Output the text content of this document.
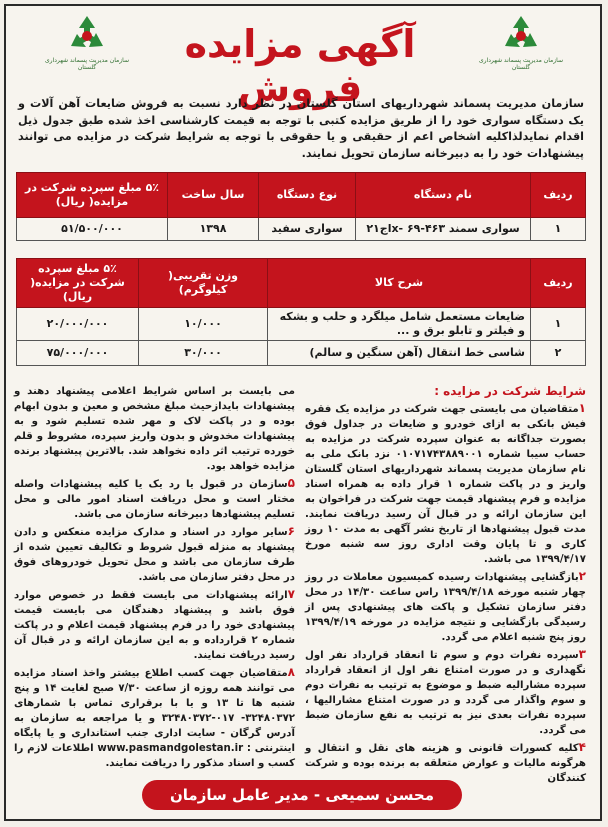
سازمان مدیریت پسماند شهرداری گلستان
سازمان مدیریت پسماند شهرداری گلستان
آگهی مزایده فروش
سازمان مدیریت پسماند شهرداریهای استان گلستان در نظر دارد نسبت به فروش ضایعات آهن آلات و یک دستگاه سواری خود را از طریق مزایده کتبی با توجه به قیمت کارشناسی اخذ شده طبق جدول ذیل اقدام نمایدلذاکلیه اشخاص اعم از حقیقی و یا حقوقی با توجه به شرایط شرکت در مزایده می توانند پیشنهادات خود را به دبیرخانه سازمان تحویل نمایند.
ردیف	نام دستگاه	نوع دستگاه	سال ساخت	۵٪ مبلغ سپرده شرکت در مزایده( ریال)
۱	سواری سمند lx- ۶۹-۴۶۳ج۲۱	سواری سفید	۱۳۹۸	۵۱/۵۰۰/۰۰۰
ردیف	شرح کالا	وزن تقریبی( کیلوگرم)	۵٪ مبلغ سپرده شرکت در مزایده( ریال)
۱	ضایعات مستعمل شامل میلگرد و حلب و بشکه و فیلتر و تابلو برق و ...	۱۰/۰۰۰	۲۰/۰۰۰/۰۰۰
۲	شاسی خط انتقال (آهن سنگین و سالم)	۳۰/۰۰۰	۷۵/۰۰۰/۰۰۰
شرایط شرکت در مزایده :

۱متقاضیان می بایستی جهت شرکت در مزایده یک فقره فیش بانکی به ازای خودرو و ضایعات در جداول فوق بصورت جداگانه به عنوان سپرده شرکت در مزایده به حساب سیبا شماره ۰۱۰۷۱۷۴۳۸۸۹۰۰۱ نزد بانک ملی به نام سازمان مدیریت پسماند شهرداریهای استان گلستان واریز و در پاکت شماره ۱ قرار داده به همراه اسناد مزایده و فرم پیشنهاد قیمت جهت شرکت در فراخوان به این سازمان ارائه و در قبال آن رسید دریافت نمایند. مدت قبول پیشنهادها از تاریخ نشر آگهی به مدت ۱۰ روز کاری و تا پایان وقت اداری روز سه شنبه مورخ ۱۳۹۹/۴/۱۷ می باشد.

۲بازگشایی پیشنهادات رسیده کمیسیون معاملات در روز چهار شنبه مورخه ۱۳۹۹/۴/۱۸ راس ساعت ۱۴/۳۰ در محل دفتر سازمان تشکیل و پاکت های پیشنهادی پس از رسیدگی بازگشایی و نتیجه مزایده در مورخه ۱۳۹۹/۴/۱۹ روز پنج شنبه اعلام می گردد.

۳سپرده نفرات دوم و سوم تا انعقاد قرارداد نفر اول نگهداری و در صورت امتناع نفر اول از انعقاد قرارداد سپرده مشارالیه ضبط و موضوع به ترتیب به نفرات دوم و سوم واگذار می گردد و در صورت امتناع مشارالیها ، سپرده نفرات بعدی نیز به ترتیب به نفع سازمان ضبط می گردد.

۴کلیه کسورات قانونی و هزینه های نقل و انتقال و هرگونه مالیات و عوارض متعلقه به برنده بوده و شرکت کنندگان

می بایست بر اساس شرایط اعلامی پیشنهاد دهند و پیشنهادات بایدازحیث مبلغ مشخص و معین و بدون ابهام بوده و در پاکت لاک و مهر شده تسلیم شود و به پیشنهادات مخدوش و بدون واریز سپرده، مشروط و قلم خورده ترتیب اثر داده نخواهد شد. بالاترین پیشنهاد برنده مزایده خواهد بود.

۵سازمان در قبول یا رد یک یا کلیه پیشنهادات واصله مختار است و محل دریافت اسناد امور مالی و محل تسلیم پیشنهادها دبیرخانه سازمان می باشد.

۶سایر موارد در اسناد و مدارک مزایده منعکس و دادن پیشنهاد به منزله قبول شروط و تکالیف تعیین شده از طرف سازمان می باشد و محل تحویل خودروهای فوق در محل دفتر سازمان می باشد.

۷ارائه پیشنهادات می بایست فقط در خصوص موارد فوق باشد و پیشنهاد دهندگان می بایست قیمت پیشنهادی خود را در فرم پیشنهاد قیمت اعلام و در پاکت شماره ۲ قرارداده و به این سازمان ارائه و در قبال آن رسید دریافت نمایند.

۸متقاضیان جهت کسب اطلاع بیشتر واخذ اسناد مزایده می توانند همه روزه از ساعت ۷/۳۰ صبح لغایت ۱۴ و پنج شنبه ها تا ۱۳ و یا با برقراری تماس با شمارهای ۳۲۴۸۰۳۷۲- ۰۱۷-۳۲۴۸۰۳۷۲ و یا مراجعه به سازمان به آدرس گرگان - سایت اداری جنب استانداری و یا پایگاه اینترنتی : www.pasmandgolestan.ir اطلاعات لازم را کسب و اسناد مذکور را دریافت نمایند.

محسن سمیعی - مدیر عامل سازمان
